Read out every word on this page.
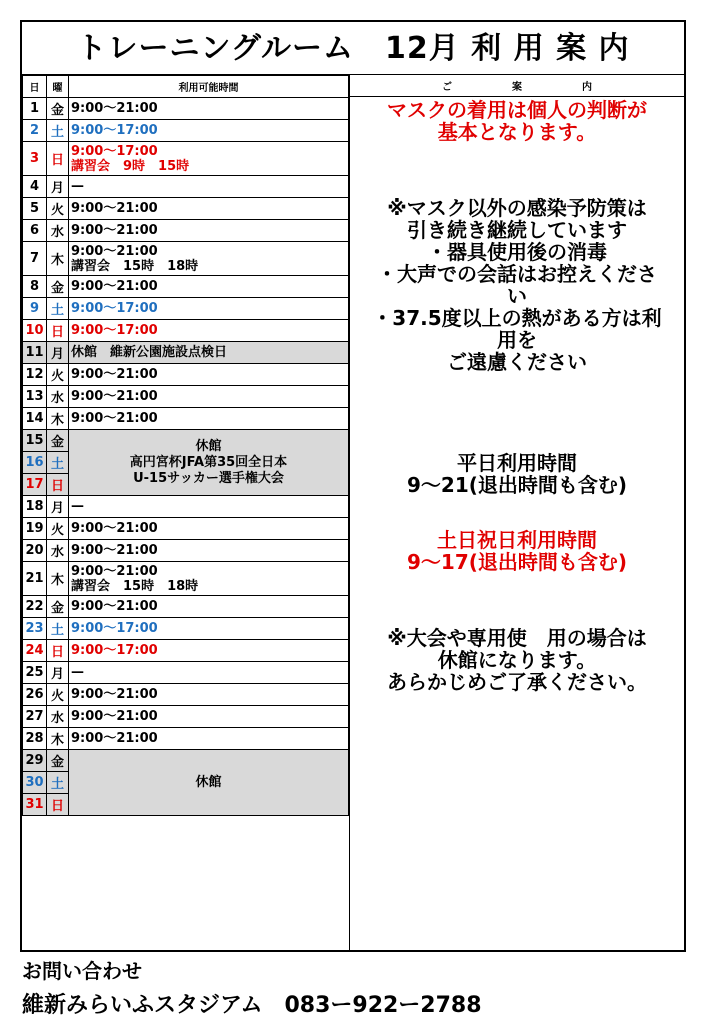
トレーニングルーム　12月 利 用 案 内
日	曜	利用可能時間
1	金	9:00～21:00
2	土	9:00～17:00
3	日	9:00～17:00
講習会　9時　15時
4	月	—
5	火	9:00～21:00
6	水	9:00～21:00
7	木	9:00～21:00
講習会　15時　18時
8	金	9:00～21:00
9	土	9:00～17:00
10	日	9:00～17:00
11	月	休館　維新公園施設点検日
12	火	9:00～21:00
13	水	9:00～21:00
14	木	9:00～21:00
15	金	休館
高円宮杯JFA第35回全日本
U-15サッカー選手権大会
16	土	
17	日	
18	月	—
19	火	9:00～21:00
20	水	9:00～21:00
21	木	9:00～21:00
講習会　15時　18時
22	金	9:00～21:00
23	土	9:00～17:00
24	日	9:00～17:00
25	月	—
26	火	9:00～21:00
27	水	9:00～21:00
28	木	9:00～21:00
29	金	休館
30	土	
31	日	
ご	案	内

マスクの着用は個人の判断が
基本となります。

※マスク以外の感染予防策は
引き続き継続しています
・器具使用後の消毒
・大声での会話はお控えくださ
い
・37.5度以上の熱がある方は利
用を
ご遠慮ください

平日利用時間
9～21(退出時間も含む)

土日祝日利用時間
9～17(退出時間も含む)

※大会や専用使　用の場合は
休館になります。
あらかじめご了承ください。

お問い合わせ
維新みらいふスタジアム　083ー922ー2788
